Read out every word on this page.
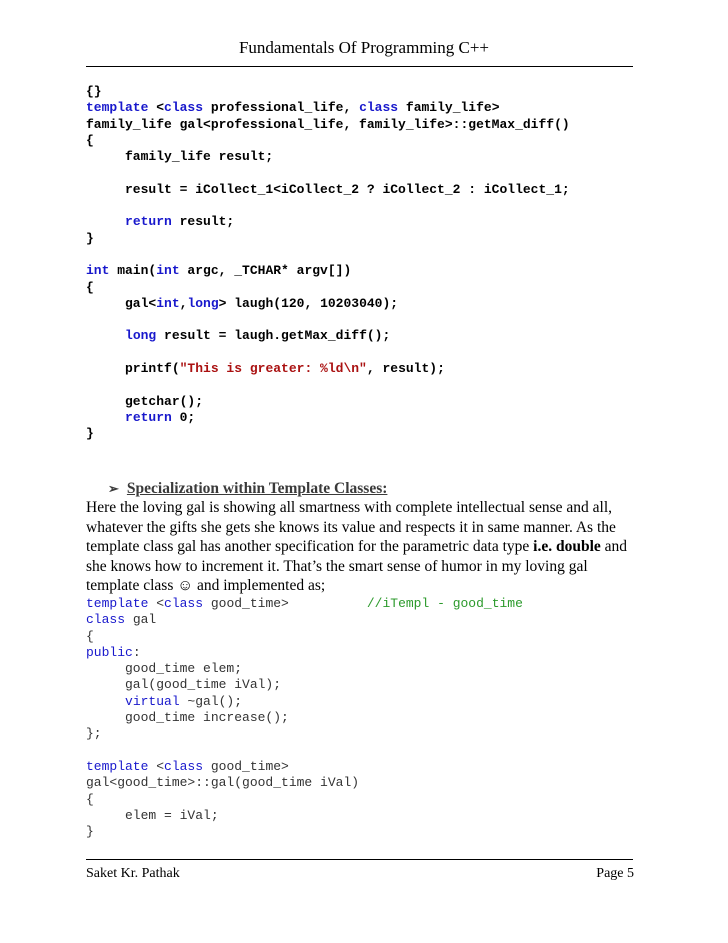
Fundamentals Of Programming C++
{}
template <class professional_life, class family_life>
family_life gal<professional_life, family_life>::getMax_diff()
{
family_life result;

result = iCollect_1<iCollect_2 ? iCollect_2 : iCollect_1;

return result;
}

int main(int argc, _TCHAR* argv[])
{
gal<int,long> laugh(120, 10203040);

long result = laugh.getMax_diff();

printf("This is greater: %ld\n", result);

getchar();
return 0;
}

➢ Specialization within Template Classes:
Here the loving gal is showing all smartness with complete intellectual sense and all, whatever the gifts she gets she knows its value and respects it in same manner. As the template class gal has another specification for the parametric data type i.e. double and she knows how to increment it. That’s the smart sense of humor in my loving gal template class ☺ and implemented as;
template <class good_time>          //iTempl - good_time
class gal
{
public:
good_time elem;
gal(good_time iVal);
virtual ~gal();
good_time increase();
};

template <class good_time>
gal<good_time>::gal(good_time iVal)
{
elem = iVal;
}

Saket Kr. Pathak	Page 5
